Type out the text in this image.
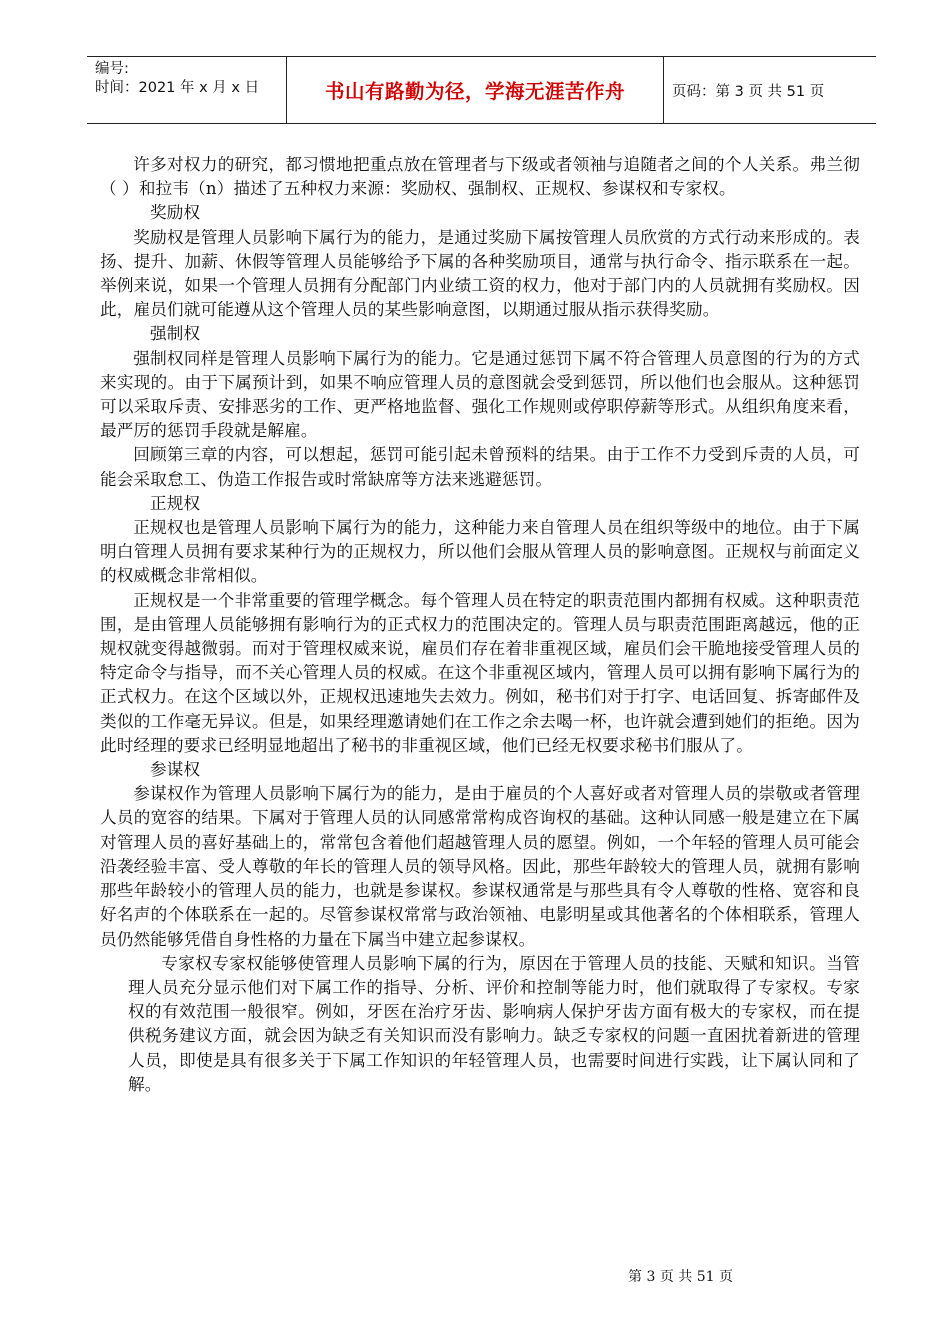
编号:
时间：2021 年 x 月 x 日	书山有路勤为径，学海无涯苦作舟	页码：第 3 页 共 51 页

许多对权力的研究，都习惯地把重点放在管理者与下级或者领袖与追随者之间的个人关系。弗兰彻（ ）和拉韦（n）描述了五种权力来源：奖励权、强制权、正规权、参谋权和专家权。

奖励权

奖励权是管理人员影响下属行为的能力，是通过奖励下属按管理人员欣赏的方式行动来形成的。表扬、提升、加薪、休假等管理人员能够给予下属的各种奖励项目，通常与执行命令、指示联系在一起。举例来说，如果一个管理人员拥有分配部门内业绩工资的权力，他对于部门内的人员就拥有奖励权。因此，雇员们就可能遵从这个管理人员的某些影响意图，以期通过服从指示获得奖励。

强制权

强制权同样是管理人员影响下属行为的能力。它是通过惩罚下属不符合管理人员意图的行为的方式来实现的。由于下属预计到，如果不响应管理人员的意图就会受到惩罚，所以他们也会服从。这种惩罚可以采取斥责、安排恶劣的工作、更严格地监督、强化工作规则或停职停薪等形式。从组织角度来看，最严厉的惩罚手段就是解雇。

回顾第三章的内容，可以想起，惩罚可能引起未曾预料的结果。由于工作不力受到斥责的人员，可能会采取怠工、伪造工作报告或时常缺席等方法来逃避惩罚。

正规权

正规权也是管理人员影响下属行为的能力，这种能力来自管理人员在组织等级中的地位。由于下属明白管理人员拥有要求某种行为的正规权力，所以他们会服从管理人员的影响意图。正规权与前面定义的权威概念非常相似。

正规权是一个非常重要的管理学概念。每个管理人员在特定的职责范围内都拥有权威。这种职责范围，是由管理人员能够拥有影响行为的正式权力的范围决定的。管理人员与职责范围距离越远，他的正规权就变得越微弱。而对于管理权威来说，雇员们存在着非重视区域，雇员们会干脆地接受管理人员的特定命令与指导，而不关心管理人员的权威。在这个非重视区域内，管理人员可以拥有影响下属行为的正式权力。在这个区域以外，正规权迅速地失去效力。例如，秘书们对于打字、电话回复、拆寄邮件及类似的工作毫无异议。但是，如果经理邀请她们在工作之余去喝一杯，也许就会遭到她们的拒绝。因为此时经理的要求已经明显地超出了秘书的非重视区域，他们已经无权要求秘书们服从了。

参谋权

参谋权作为管理人员影响下属行为的能力，是由于雇员的个人喜好或者对管理人员的崇敬或者管理人员的宽容的结果。下属对于管理人员的认同感常常构成咨询权的基础。这种认同感一般是建立在下属对管理人员的喜好基础上的，常常包含着他们超越管理人员的愿望。例如，一个年轻的管理人员可能会沿袭经验丰富、受人尊敬的年长的管理人员的领导风格。因此，那些年龄较大的管理人员，就拥有影响那些年龄较小的管理人员的能力，也就是参谋权。参谋权通常是与那些具有令人尊敬的性格、宽容和良好名声的个体联系在一起的。尽管参谋权常常与政治领袖、电影明星或其他著名的个体相联系，管理人员仍然能够凭借自身性格的力量在下属当中建立起参谋权。

专家权专家权能够使管理人员影响下属的行为，原因在于管理人员的技能、天赋和知识。当管理人员充分显示他们对下属工作的指导、分析、评价和控制等能力时，他们就取得了专家权。专家权的有效范围一般很窄。例如，牙医在治疗牙齿、影响病人保护牙齿方面有极大的专家权，而在提供税务建议方面，就会因为缺乏有关知识而没有影响力。缺乏专家权的问题一直困扰着新进的管理人员，即使是具有很多关于下属工作知识的年轻管理人员，也需要时间进行实践，让下属认同和了解。

第 3 页 共 51 页
